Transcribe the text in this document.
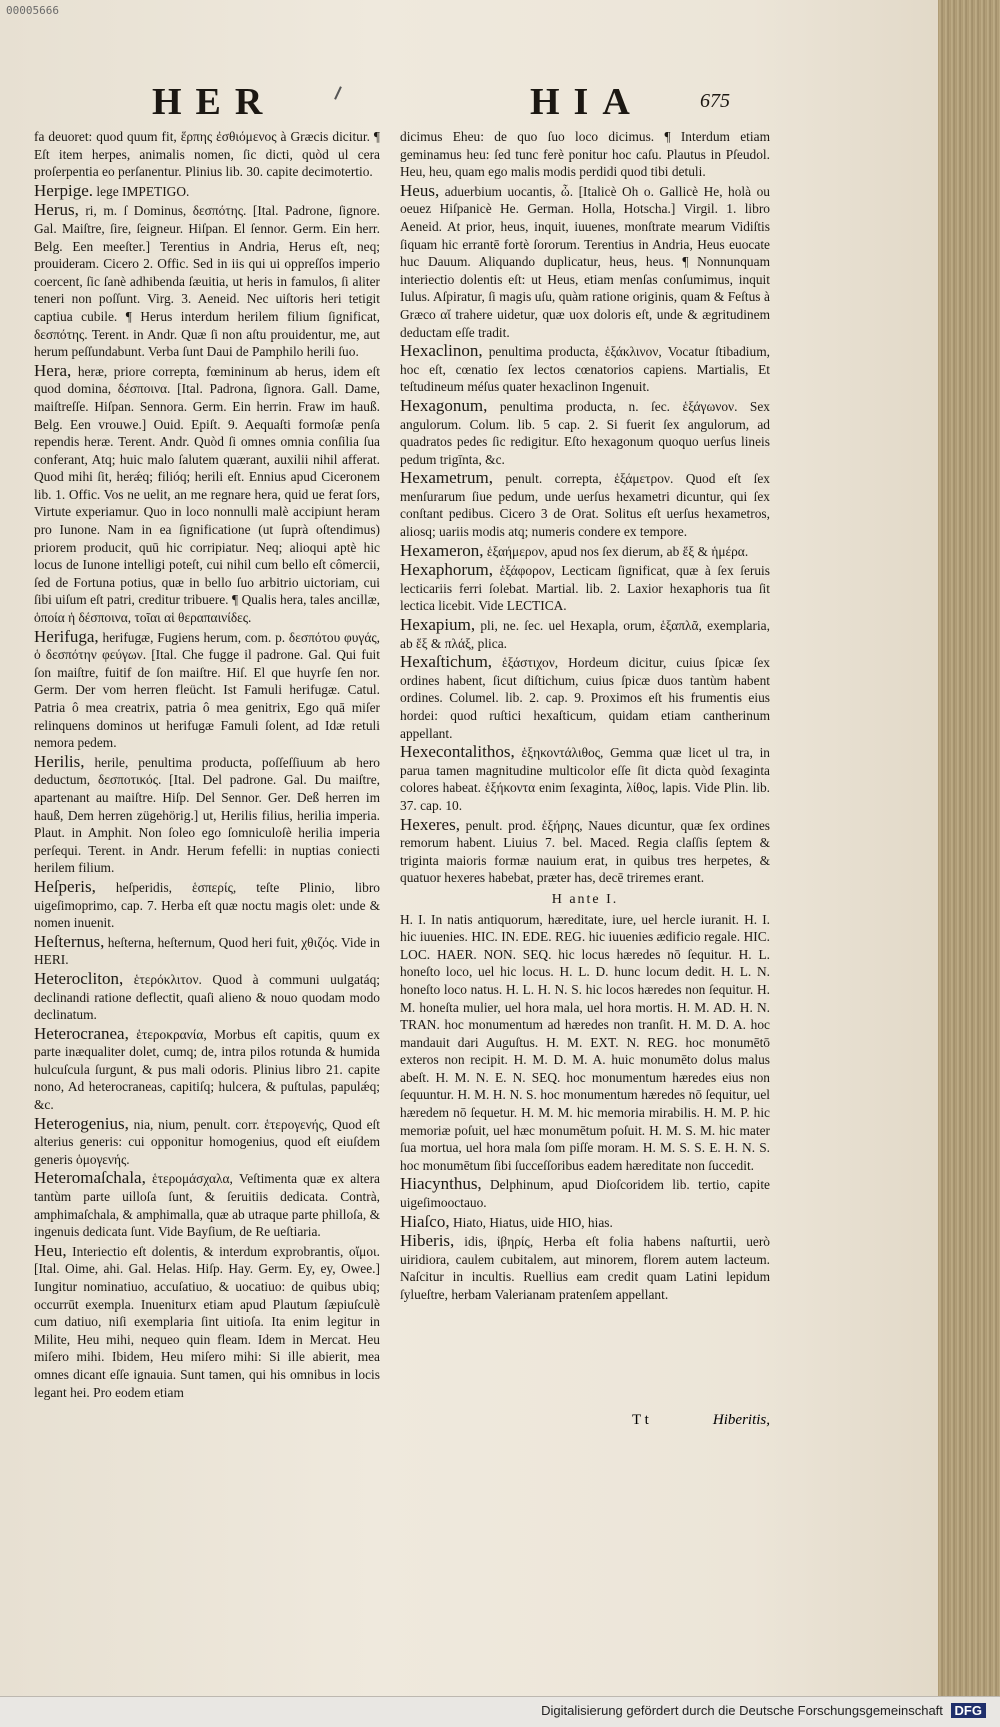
00005666
HER	HIA	675
fa deuoret: quod quum fit, ἕρπης ἐσθιόμενος à Græcis dicitur. ¶ Eſt item herpes, animalis nomen, ſic dicti, quòd ul cera proſerpentia eo perſanentur. Plinius lib. 30. capite decimotertio.
Herpige. lege IMPETIGO.
Herus, ri, m. ſ Dominus, δεσπότης. [Ital. Padrone, ſignore. Gal. Maiſtre, ſire, ſeigneur. Hiſpan. El ſennor. Germ. Ein herr. Belg. Een meeſter.] Terentius in Andria, Herus eſt, neq; prouideram. Cicero 2. Offic. Sed in iis qui ui oppreſſos imperio coercent, ſic ſanè adhibenda ſæuitia, ut heris in famulos, ſi aliter teneri non poſſunt. Virg. 3. Aeneid. Nec uiſtoris heri tetigit captiua cubile. ¶ Herus interdum herilem filium ſignificat, δεσπότης. Terent. in Andr. Quæ ſi non aſtu prouidentur, me, aut herum peſſundabunt. Verba ſunt Daui de Pamphilo herili ſuo.
Hera, heræ, priore correpta, fœmininum ab herus, idem eſt quod domina, δέσποινα. [Ital. Padrona, ſignora. Gall. Dame, maiſtreſſe. Hiſpan. Sennora. Germ. Ein herrin. Fraw im hauß. Belg. Een vrouwe.] Ouid. Epiſt. 9. Aequaſti formoſæ penſa rependis heræ. Terent. Andr. Quòd ſi omnes omnia conſilia ſua conferant, Atq; huic malo ſalutem quærant, auxilii nihil afferat. Quod mihi ſit, herǽq; filióq; herili eſt. Ennius apud Ciceronem lib. 1. Offic. Vos ne uelit, an me regnare hera, quid ue ferat ſors, Virtute experiamur. Quo in loco nonnulli malè accipiunt heram pro Iunone. Nam in ea ſignificatione (ut ſuprà oſtendimus) priorem producit, quū hic corripiatur. Neq; alioqui aptè hic locus de Iunone intelligi poteſt, cui nihil cum bello eſt cômercii, ſed de Fortuna potius, quæ in bello ſuo arbitrio uictoriam, cui ſibi uiſum eſt patri, creditur tribuere. ¶ Qualis hera, tales ancillæ, ὁποία ἡ δέσποινα, τοῖαι αἱ θεραπαινίδες.
Herifuga, herifugæ, Fugiens herum, com. p. δεσπότου φυγάς, ὁ δεσπότην φεύγων. [Ital. Che fugge il padrone. Gal. Qui fuit ſon maiſtre, fuitif de ſon maiſtre. Hiſ. El que huyrſe ſen nor. Germ. Der vom herren fleücht. Ist Famuli herifugæ. Catul. Patria ô mea creatrix, patria ô mea genitrix, Ego quā miſer relinquens dominos ut herifugæ Famuli ſolent, ad Idæ retuli nemora pedem.
Herilis, herile, penultima producta, poſſeſſiuum ab hero deductum, δεσποτικός. [Ital. Del padrone. Gal. Du maiſtre, apartenant au maiſtre. Hiſp. Del Sennor. Ger. Deß herren im hauß, Dem herren zügehörig.] ut, Herilis filius, herilia imperia. Plaut. in Amphit. Non ſoleo ego ſomniculoſè herilia imperia perſequi. Terent. in Andr. Herum fefelli: in nuptias coniecti herilem filium.
Heſperis, heſperidis, ἑσπερίς, teſte Plinio, libro uigeſimoprimo, cap. 7. Herba eſt quæ noctu magis olet: unde & nomen inuenit.
Heſternus, heſterna, heſternum, Quod heri fuit, χθιζός. Vide in HERI.
Heterocliton, ἑτερόκλιτον. Quod à communi uulgatáq; declinandi ratione deflectit, quaſi alieno & nouo quodam modo declinatum.
Heterocranea, ἑτεροκρανία, Morbus eſt capitis, quum ex parte inæqualiter dolet, cumq; de, intra pilos rotunda & humida hulcuſcula ſurgunt, & pus mali odoris. Plinius libro 21. capite nono, Ad heterocraneas, capitiſq; hulcera, & puſtulas, papulǽq; &c.
Heterogenius, nia, nium, penult. corr. ἑτερογενής, Quod eſt alterius generis: cui opponitur homogenius, quod eſt eiuſdem generis ὁμογενής.
Heteromaſchala, ἑτερομάσχαλα, Veſtimenta quæ ex altera tantùm parte uilloſa ſunt, & ſeruitiis dedicata. Contrà, amphimaſchala, & amphimalla, quæ ab utraque parte philloſa, & ingenuis dedicata ſunt. Vide Bayſium, de Re ueſtiaria.
Heu, Interiectio eſt dolentis, & interdum exprobrantis, οἴμοι. [Ital. Oime, ahi. Gal. Helas. Hiſp. Hay. Germ. Ey, ey, Owee.] Iungitur nominatiuo, accuſatiuo, & uocatiuo: de quibus ubiq; occurrūt exempla. Inueniturx etiam apud Plautum ſæpiuſculè cum datiuo, niſi exemplaria ſint uitioſa. Ita enim legitur in Milite, Heu mihi, nequeo quin fleam. Idem in Mercat. Heu miſero mihi. Ibidem, Heu miſero mihi: Si ille abierit, mea omnes dicant eſſe ignauia. Sunt tamen, qui his omnibus in locis legant hei. Pro eodem etiam
dicimus Eheu: de quo ſuo loco dicimus. ¶ Interdum etiam geminamus heu: ſed tunc ferè ponitur hoc caſu. Plautus in Pſeudol. Heu, heu, quam ego malis modis perdidi quod tibi detuli.
Heus, aduerbium uocantis, ὦ. [Italicè Oh o. Gallicè He, holà ou oeuez Hiſpanicè He. German. Holla, Hotscha.] Virgil. 1. libro Aeneid. At prior, heus, inquit, iuuenes, monſtrate mearum Vidiſtis ſiquam hic errantē fortè ſororum. Terentius in Andria, Heus euocate huc Dauum. Aliquando duplicatur, heus, heus. ¶ Nonnunquam interiectio dolentis eſt: ut Heus, etiam menſas conſumimus, inquit Iulus. Aſpiratur, ſi magis uſu, quàm ratione originis, quam & Feſtus à Græco αἴ trahere uidetur, quæ uox doloris eſt, unde & ægritudinem deductam eſſe tradit.
Hexaclinon, penultima producta, ἑξάκλινον, Vocatur ſtibadium, hoc eſt, cœnatio ſex lectos cœnatorios capiens. Martialis, Et teſtudineum méſus quater hexaclinon Ingenuit.
Hexagonum, penultima producta, n. ſec. ἑξάγωνον. Sex angulorum. Colum. lib. 5 cap. 2. Si fuerit ſex angulorum, ad quadratos pedes ſic redigitur. Eſto hexagonum quoquo uerſus lineis pedum trigīnta, &c.
Hexametrum, penult. correpta, ἑξάμετρον. Quod eſt ſex menſurarum ſiue pedum, unde uerſus hexametri dicuntur, qui ſex conſtant pedibus. Cicero 3 de Orat. Solitus eſt uerſus hexametros, aliosq; uariis modis atq; numeris condere ex tempore.
Hexameron, ἑξαήμερον, apud nos ſex dierum, ab ἕξ & ἡμέρα.
Hexaphorum, ἑξάφορον, Lecticam ſignificat, quæ à ſex ſeruis lecticariis ferri ſolebat. Martial. lib. 2. Laxior hexaphoris tua ſit lectica licebit. Vide LECTICA.
Hexapium, pli, ne. ſec. uel Hexapla, orum, ἑξαπλᾶ, exemplaria, ab ἕξ & πλάξ, plica.
Hexaſtichum, ἑξάστιχον, Hordeum dicitur, cuius ſpicæ ſex ordines habent, ſicut diſtichum, cuius ſpicæ duos tantùm habent ordines. Columel. lib. 2. cap. 9. Proximos eſt his frumentis eius hordei: quod ruſtici hexaſticum, quidam etiam cantherinum appellant.
Hexecontalithos, ἑξηκοντάλιθος, Gemma quæ licet ul tra, in parua tamen magnitudine multicolor eſſe ſit dicta quòd ſexaginta colores habeat. ἑξήκοντα enim ſexaginta, λίθος, lapis. Vide Plin. lib. 37. cap. 10.
Hexeres, penult. prod. ἑξήρης, Naues dicuntur, quæ ſex ordines remorum habent. Liuius 7. bel. Maced. Regia claſſis ſeptem & triginta maioris formæ nauium erat, in quibus tres herpetes, & quatuor hexeres habebat, præter has, decē triremes erant.
H ante I.
H. I. In natis antiquorum, hæreditate, iure, uel hercle iuranit. H. I. hic iuuenies. HIC. IN. EDE. REG. hic iuuenies ædificio regale. HIC. LOC. HAER. NON. SEQ. hic locus hæredes nō ſequitur. H. L. honeſto loco, uel hic locus. H. L. D. hunc locum dedit. H. L. N. honeſto loco natus. H. L. H. N. S. hic locos hæredes non ſequitur. H. M. honeſta mulier, uel hora mala, uel hora mortis. H. M. AD. H. N. TRAN. hoc monumentum ad hæredes non tranſit. H. M. D. A. hoc mandauit dari Auguſtus. H. M. EXT. N. REG. hoc monumētō exteros non recipit. H. M. D. M. A. huic monumēto dolus malus abeſt. H. M. N. E. N. SEQ. hoc monumentum hæredes eius non ſequuntur. H. M. H. N. S. hoc monumentum hæredes nō ſequitur, uel hæredem nō ſequetur. H. M. M. hic memoria mirabilis. H. M. P. hic memoriæ poſuit, uel hæc monumētum poſuit. H. M. S. M. hic mater ſua mortua, uel hora mala ſom piſſe moram. H. M. S. S. E. H. N. S. hoc monumētum ſibi ſucceſſoribus eadem hæreditate non ſuccedit.
Hiacynthus, Delphinum, apud Dioſcoridem lib. tertio, capite uigeſimooctauo.
Hiaſco, Hiato, Hiatus, uide HIO, hias.
Hiberis, idis, ἰβηρίς, Herba eſt folia habens naſturtii, uerò uiridiora, caulem cubitalem, aut minorem, florem autem lacteum. Naſcitur in incultis. Ruellius eam credit quam Latini lepidum ſylueſtre, herbam Valerianam pratenſem appellant.
T t	Hiberitis,
Digitalisierung gefördert durch die Deutsche Forschungsgemeinschaft DFG
